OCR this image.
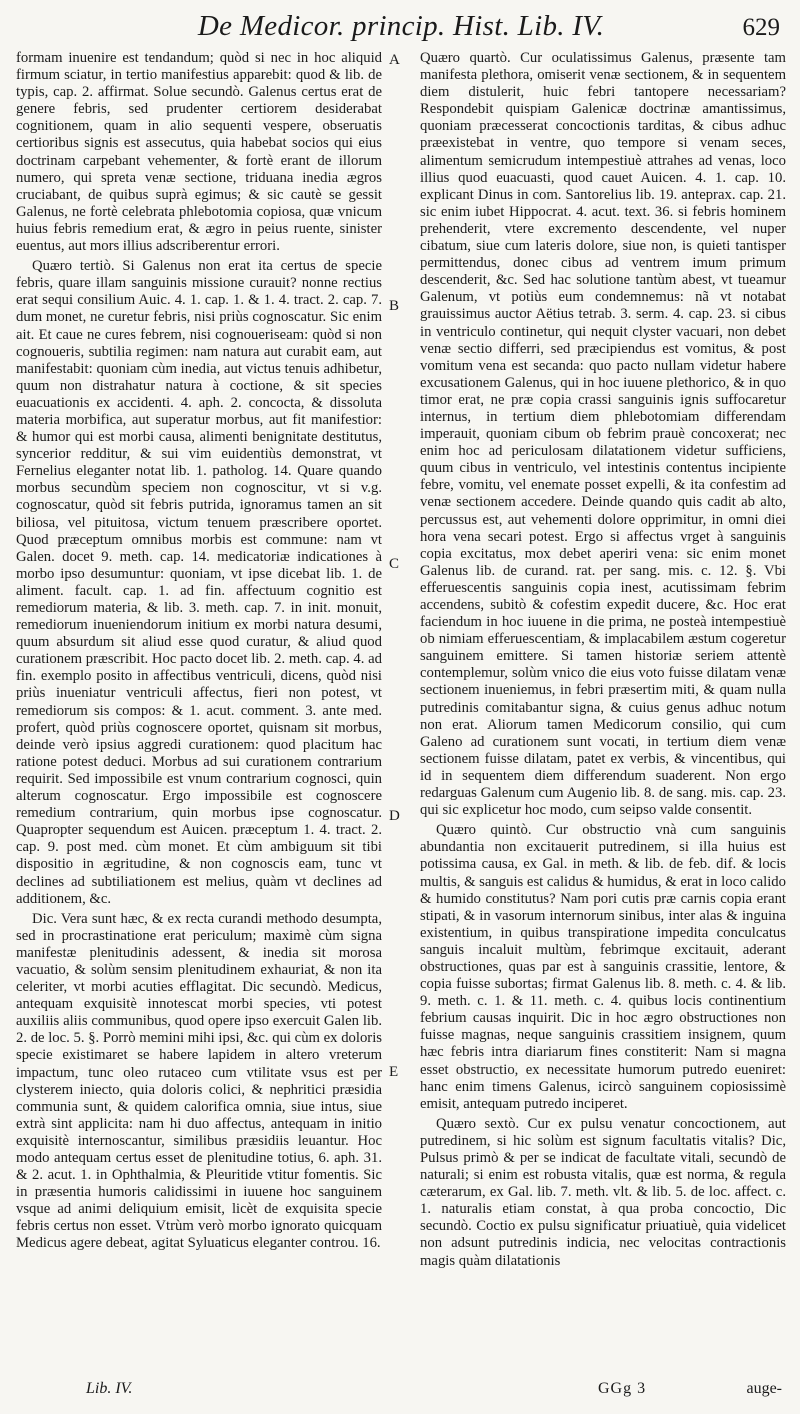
De Medicor. princip. Hist. Lib. IV.	629

formam inuenire est tendandum; quòd si nec in hoc aliquid firmum sciatur, in tertio manifestius apparebit: quod & lib. de typis, cap. 2. affirmat. Solue secundò. Galenus certus erat de genere febris, sed prudenter certiorem desiderabat cognitionem, quam in alio sequenti vespere, obseruatis certioribus signis est assecutus, quia habebat socios qui eius doctrinam carpebant vehementer, & fortè erant de illorum numero, qui spreta venæ sectione, triduana inedia ægros cruciabant, de quibus suprà egimus; & sic cautè se gessit Galenus, ne fortè celebrata phlebotomia copiosa, quæ vnicum huius febris remedium erat, & ægro in peius ruente, sinister euentus, aut mors illius adscriberentur errori.

Quæro tertiò. Si Galenus non erat ita certus de specie febris, quare illam sanguinis missione curauit? nonne rectius erat sequi consilium Auic. 4. 1. cap. 1. & 1. 4. tract. 2. cap. 7. dum monet, ne curetur febris, nisi priùs cognoscatur. Sic enim ait. Et caue ne cures febrem, nisi cognoueriseam: quòd si non cognoueris, subtilia regimen: nam natura aut curabit eam, aut manifestabit: quoniam cùm inedia, aut victus tenuis adhibetur, quum non distrahatur natura à coctione, & sit species euacuationis ex accidenti. 4. aph. 2. concocta, & dissoluta materia morbifica, aut superatur morbus, aut fit manifestior: & humor qui est morbi causa, alimenti benignitate destitutus, syncerior redditur, & sui vim euidentiùs demonstrat, vt Fernelius eleganter notat lib. 1. patholog. 14. Quare quando morbus secundùm speciem non cognoscitur, vt si v.g. cognoscatur, quòd sit febris putrida, ignoramus tamen an sit biliosa, vel pituitosa, victum tenuem præscribere oportet. Quod præceptum omnibus morbis est commune: nam vt Galen. docet 9. meth. cap. 14. medicatoriæ indicationes à morbo ipso desumuntur: quoniam, vt ipse dicebat lib. 1. de aliment. facult. cap. 1. ad fin. affectuum cognitio est remediorum materia, & lib. 3. meth. cap. 7. in init. monuit, remediorum inueniendorum initium ex morbi natura desumi, quum absurdum sit aliud esse quod curatur, & aliud quod curationem præscribit. Hoc pacto docet lib. 2. meth. cap. 4. ad fin. exemplo posito in affectibus ventriculi, dicens, quòd nisi priùs inueniatur ventriculi affectus, fieri non potest, vt remediorum sis compos: & 1. acut. comment. 3. ante med. profert, quòd priùs cognoscere oportet, quisnam sit morbus, deinde verò ipsius aggredi curationem: quod placitum hac ratione potest deduci. Morbus ad sui curationem contrarium requirit. Sed impossibile est vnum contrarium cognosci, quin alterum cognoscatur. Ergo impossibile est cognoscere remedium contrarium, quin morbus ipse cognoscatur. Quapropter sequendum est Auicen. præceptum 1. 4. tract. 2. cap. 9. post med. cùm monet. Et cùm ambiguum sit tibi dispositio in ægritudine, & non cognoscis eam, tunc vt declines ad subtiliationem est melius, quàm vt declines ad additionem, &c.

Dic. Vera sunt hæc, & ex recta curandi methodo desumpta, sed in procrastinatione erat periculum; maximè cùm signa manifestæ plenitudinis adessent, & inedia sit morosa vacuatio, & solùm sensim plenitudinem exhauriat, & non ita celeriter, vt morbi acuties efflagitat. Dic secundò. Medicus, antequam exquisitè innotescat morbi species, vti potest auxiliis aliis communibus, quod opere ipso exercuit Galen lib. 2. de loc. 5. §. Porrò memini mihi ipsi, &c. qui cùm ex doloris specie existimaret se habere lapidem in altero vreterum impactum, tunc oleo rutaceo cum vtilitate vsus est per clysterem iniecto, quia doloris colici, & nephritici præsidia communia sunt, & quidem calorifica omnia, siue intus, siue extrà sint applicita: nam hi duo affectus, antequam in initio exquisitè internoscantur, similibus præsidiis leuantur. Hoc modo antequam certus esset de plenitudine totius, 6. aph. 31. & 2. acut. 1. in Ophthalmia, & Pleuritide vtitur fomentis. Sic in præsentia humoris calidissimi in iuuene hoc sanguinem vsque ad animi deliquium emisit, licèt de exquisita specie febris certus non esset. Vtrùm verò morbo ignorato quicquam Medicus agere debeat, agitat Syluaticus eleganter controu. 16.

A
B
C
D
E

Quæro quartò. Cur oculatissimus Galenus, præsente tam manifesta plethora, omiserit venæ sectionem, & in sequentem diem distulerit, huic febri tantopere necessariam? Respondebit quispiam Galenicæ doctrinæ amantissimus, quoniam præcesserat concoctionis tarditas, & cibus adhuc præexistebat in ventre, quo tempore si venam seces, alimentum semicrudum intempestiuè attrahes ad venas, loco illius quod euacuasti, quod cauet Auicen. 4. 1. cap. 10. explicant Dinus in com. Santorelius lib. 19. anteprax. cap. 21. sic enim iubet Hippocrat. 4. acut. text. 36. si febris hominem prehenderit, vtere excremento descendente, vel nuper cibatum, siue cum lateris dolore, siue non, is quieti tantisper permittendus, donec cibus ad ventrem imum primum descenderit, &c. Sed hac solutione tantùm abest, vt tueamur Galenum, vt potiùs eum condemnemus: nã vt notabat grauissimus auctor Aëtius tetrab. 3. serm. 4. cap. 23. si cibus in ventriculo continetur, qui nequit clyster vacuari, non debet venæ sectio differri, sed præcipiendus est vomitus, & post vomitum vena est secanda: quo pacto nullam videtur habere excusationem Galenus, qui in hoc iuuene plethorico, & in quo timor erat, ne præ copia crassi sanguinis ignis suffocaretur internus, in tertium diem phlebotomiam differendam imperauit, quoniam cibum ob febrim prauè concoxerat; nec enim hoc ad periculosam dilatationem videtur sufficiens, quum cibus in ventriculo, vel intestinis contentus incipiente febre, vomitu, vel enemate posset expelli, & ita confestim ad venæ sectionem accedere. Deinde quando quis cadit ab alto, percussus est, aut vehementi dolore opprimitur, in omni diei hora vena secari potest. Ergo si affectus vrget à sanguinis copia excitatus, mox debet aperiri vena: sic enim monet Galenus lib. de curand. rat. per sang. mis. c. 12. §. Vbi efferuescentis sanguinis copia inest, acutissimam febrim accendens, subitò & cofestim expedit ducere, &c. Hoc erat faciendum in hoc iuuene in die prima, ne posteà intempestiuè ob nimiam efferuescentiam, & implacabilem æstum cogeretur sanguinem emittere. Si tamen historiæ seriem attentè contemplemur, solùm vnico die eius voto fuisse dilatam venæ sectionem inueniemus, in febri præsertim miti, & quam nulla putredinis comitabantur signa, & cuius genus adhuc notum non erat. Aliorum tamen Medicorum consilio, qui cum Galeno ad curationem sunt vocati, in tertium diem venæ sectionem fuisse dilatam, patet ex verbis, & vincentibus, qui id in sequentem diem differendum suaderent. Non ergo redarguas Galenum cum Augenio lib. 8. de sang. mis. cap. 23. qui sic explicetur hoc modo, cum seipso valde consentit.

Quæro quintò. Cur obstructio vnà cum sanguinis abundantia non excitauerit putredinem, si illa huius est potissima causa, ex Gal. in meth. & lib. de feb. dif. & locis multis, & sanguis est calidus & humidus, & erat in loco calido & humido constitutus? Nam pori cutis præ carnis copia erant stipati, & in vasorum internorum sinibus, inter alas & inguina existentium, in quibus transpiratione impedita conculcatus sanguis incaluit multùm, febrimque excitauit, aderant obstructiones, quas par est à sanguinis crassitie, lentore, & copia fuisse subortas; firmat Galenus lib. 8. meth. c. 4. & lib. 9. meth. c. 1. & 11. meth. c. 4. quibus locis continentium febrium causas inquirit. Dic in hoc ægro obstructiones non fuisse magnas, neque sanguinis crassitiem insignem, quum hæc febris intra diariarum fines constiterit: Nam si magna esset obstructio, ex necessitate humorum putredo eueniret: hanc enim timens Galenus, icircò sanguinem copiosissimè emisit, antequam putredo inciperet.

Quæro sextò. Cur ex pulsu venatur concoctionem, aut putredinem, si hic solùm est signum facultatis vitalis? Dic, Pulsus primò & per se indicat de facultate vitali, secundò de naturali; si enim est robusta vitalis, quæ est norma, & regula cæterarum, ex Gal. lib. 7. meth. vlt. & lib. 5. de loc. affect. c. 1. naturalis etiam constat, à qua proba concoctio, Dic secundò. Coctio ex pulsu significatur priuatiuè, quia videlicet non adsunt putredinis indicia, nec velocitas contractionis magis quàm dilatationis

Lib. IV.	GGg 3	auge-
